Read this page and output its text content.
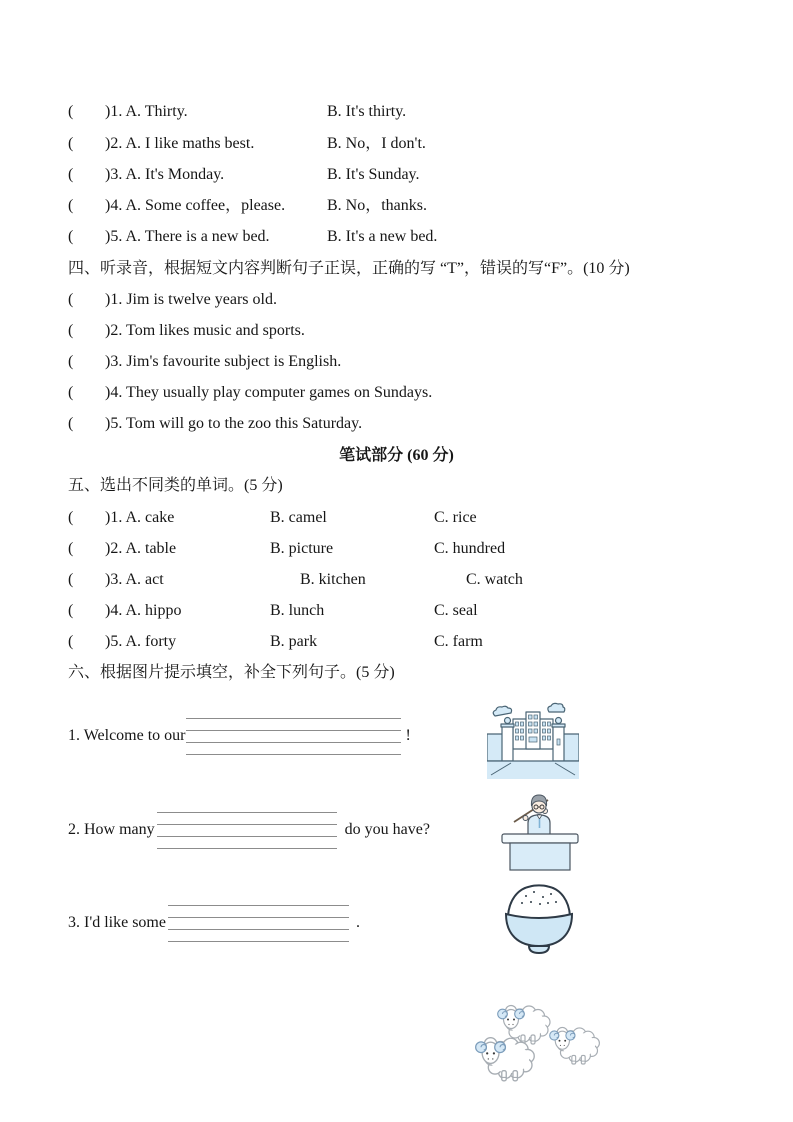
(	)1. A. Thirty.	B. It's thirty.
(	)2. A. I like maths best.	B. No，I don't.
(	)3. A. It's Monday.	B. It's Sunday.
(	)4. A. Some coffee，please.	B. No，thanks.
(	)5. A. There is a new bed.	B. It's a new bed.
四、听录音，根据短文内容判断句子正误，正确的写 “T”，错误的写“F”。(10 分)
(	)1. Jim is twelve years old.
(	)2. Tom likes music and sports.
(	)3. Jim's favourite subject is English.
(	)4. They usually play computer games on Sundays.
(	)5. Tom will go to the zoo this Saturday.
笔试部分 (60 分)
五、选出不同类的单词。(5 分)
(	)1. A. cake	B. camel	C. rice
(	)2. A. table	B. picture	C. hundred
(	)3. A. act	B. kitchen	C. watch
(	)4. A. hippo	B. lunch	C. seal
(	)5. A. forty	B. park	C. farm
六、根据图片提示填空，补全下列句子。(5 分)
1. Welcome to our	!
2. How many	do you have?
3. I'd like some	.
